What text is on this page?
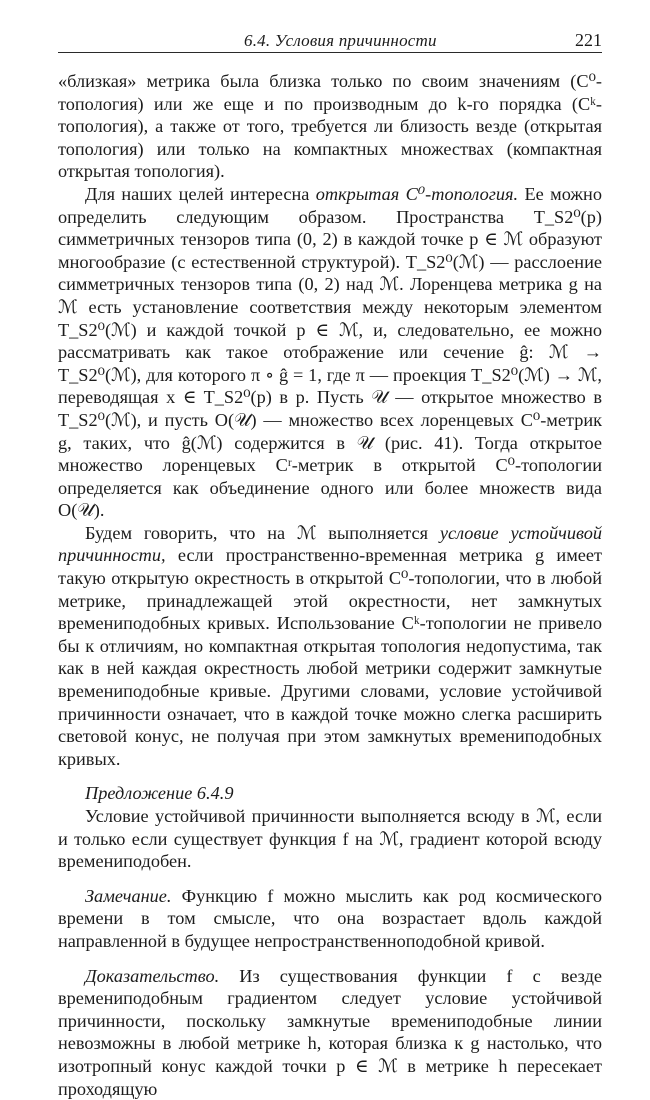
6.4. Условия причинности	221

«близкая» метрика была близка только по своим значениям (C⁰-топология) или же еще и по производным до k-го порядка (Cᵏ-топология), а также от того, требуется ли близость везде (открытая топология) или только на компактных множествах (компактная открытая топология).

Для наших целей интересна открытая C⁰-топология. Ее можно определить следующим образом. Пространства T_S2⁰(p) симметричных тензоров типа (0, 2) в каждой точке p ∈ ℳ образуют многообразие (с естественной структурой). T_S2⁰(ℳ) — расслоение симметричных тензоров типа (0, 2) над ℳ. Лоренцева метрика g на ℳ есть установление соответствия между некоторым элементом T_S2⁰(ℳ) и каждой точкой p ∈ ℳ, и, следовательно, ее можно рассматривать как такое отображение или сечение ĝ: ℳ → T_S2⁰(ℳ), для которого π ∘ ĝ = 1, где π — проекция T_S2⁰(ℳ) → ℳ, переводящая x ∈ T_S2⁰(p) в p. Пусть 𝒰 — открытое множество в T_S2⁰(ℳ), и пусть O(𝒰) — множество всех лоренцевых C⁰-метрик g, таких, что ĝ(ℳ) содержится в 𝒰 (рис. 41). Тогда открытое множество лоренцевых Cʳ-метрик в открытой C⁰-топологии определяется как объединение одного или более множеств вида O(𝒰).

Будем говорить, что на ℳ выполняется условие устойчивой причинности, если пространственно-временная метрика g имеет такую открытую окрестность в открытой C⁰-топологии, что в любой метрике, принадлежащей этой окрестности, нет замкнутых времениподобных кривых. Использование Cᵏ-топологии не привело бы к отличиям, но компактная открытая топология недопустима, так как в ней каждая окрестность любой метрики содержит замкнутые времениподобные кривые. Другими словами, условие устойчивой причинности означает, что в каждой точке можно слегка расширить световой конус, не получая при этом замкнутых времениподобных кривых.

Предложение 6.4.9

Условие устойчивой причинности выполняется всюду в ℳ, если и только если существует функция f на ℳ, градиент которой всюду времениподобен.

Замечание. Функцию f можно мыслить как род космического времени в том смысле, что она возрастает вдоль каждой направленной в будущее непространственноподобной кривой.

Доказательство. Из существования функции f с везде времениподобным градиентом следует условие устойчивой причинности, поскольку замкнутые времениподобные линии невозможны в любой метрике h, которая близка к g настолько, что изотропный конус каждой точки p ∈ ℳ в метрике h пересекает проходящую
